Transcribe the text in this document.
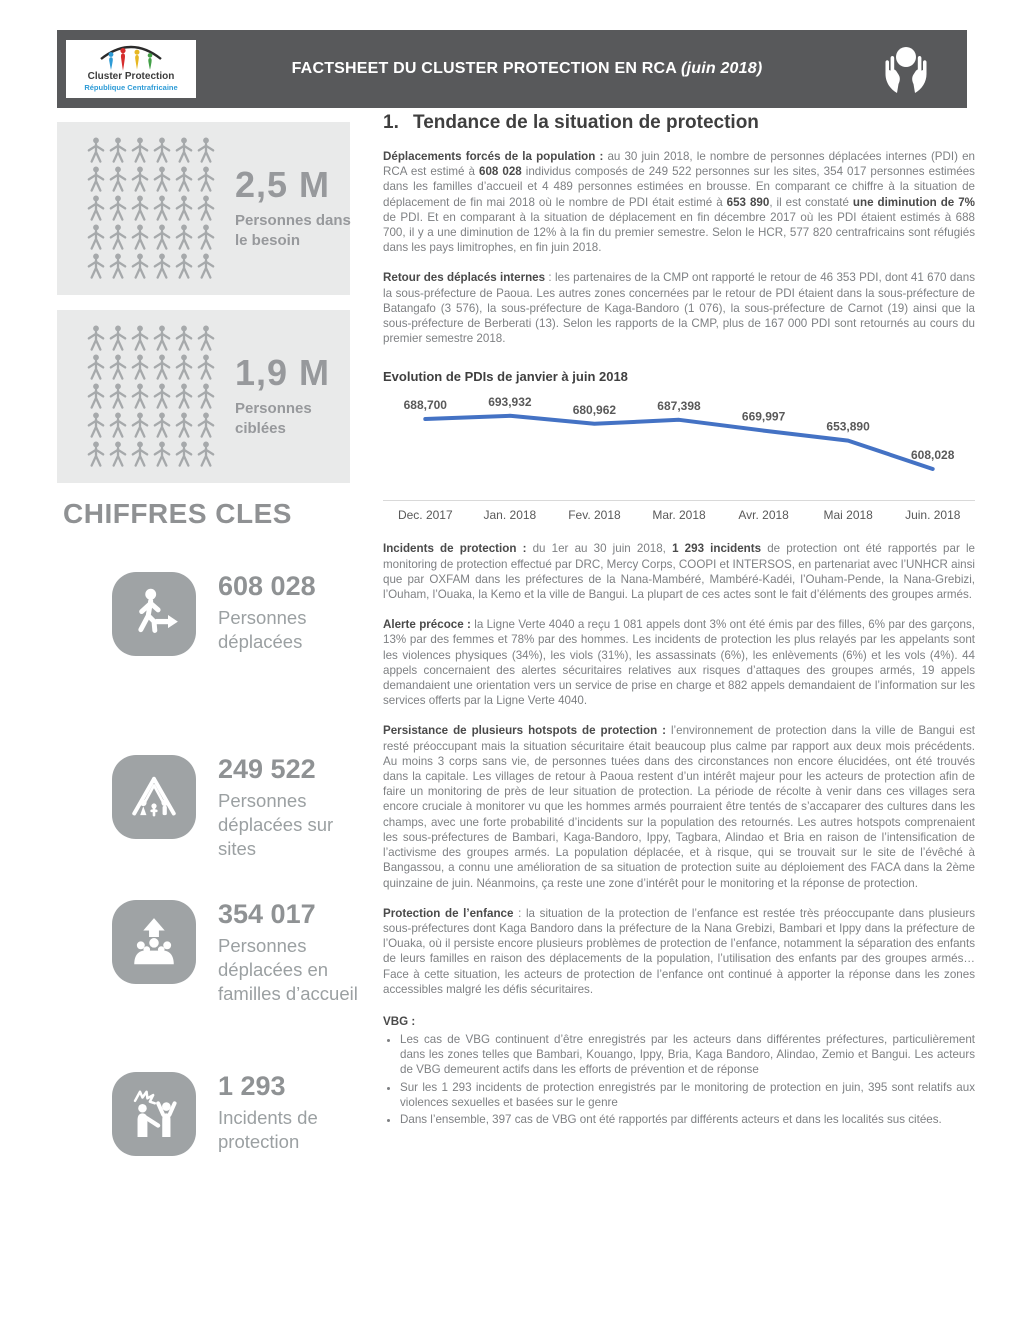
Cluster Protection
République Centrafricaine
FACTSHEET DU CLUSTER PROTECTION EN RCA (juin 2018)
2,5 M
Personnes dans le besoin
1,9 M
Personnes ciblées
CHIFFRES CLES
608 028
Personnes déplacées
249 522
Personnes déplacées sur sites
354 017
Personnes déplacées en familles d’accueil
1 293
Incidents de protection
1. Tendance de la situation de protection

Déplacements forcés de la population : au 30 juin 2018, le nombre de personnes déplacées internes (PDI) en RCA est estimé à 608 028 individus composés de 249 522 personnes sur les sites, 354 017 personnes estimées dans les familles d’accueil et 4 489 personnes estimées en brousse. En comparant ce chiffre à la situation de déplacement de fin mai 2018 où le nombre de PDI était estimé à 653 890, il est constaté une diminution de 7% de PDI. Et en comparant à la situation de déplacement en fin décembre 2017 où les PDI étaient estimés à 688 700, il y a une diminution de 12% à la fin du premier semestre. Selon le HCR, 577 820 centrafricains sont réfugiés dans les pays limitrophes, en fin juin 2018.

Retour des déplacés internes : les partenaires de la CMP ont rapporté le retour de 46 353 PDI, dont 41 670 dans la sous-préfecture de Paoua. Les autres zones concernées par le retour de PDI étaient dans la sous-préfecture de Batangafo (3 576), la sous-préfecture de Kaga-Bandoro (1 076), la sous-préfecture de Carnot (19) ainsi que la sous-préfecture de Berberati (13). Selon les rapports de la CMP, plus de 167 000 PDI sont retournés au cours du premier semestre 2018.

Evolution de PDIs de janvier à juin 2018
688,700	693,932
680,962	687,398
669,997
653,890
608,028
Dec. 2017	Jan. 2018	Fev. 2018	Mar. 2018	Avr. 2018	Mai 2018	Juin. 2018

Incidents de protection : du 1er au 30 juin 2018, 1 293 incidents de protection ont été rapportés par le monitoring de protection effectué par DRC, Mercy Corps, COOPI et INTERSOS, en partenariat avec l’UNHCR ainsi que par OXFAM dans les préfectures de la Nana-Mambéré, Mambéré-Kadéi, l’Ouham-Pende, la Nana-Grebizi, l’Ouham, l’Ouaka, la Kemo et la ville de Bangui. La plupart de ces actes sont le fait d’éléments des groupes armés.

Alerte précoce : la Ligne Verte 4040 a reçu 1 081 appels dont 3% ont été émis par des filles, 6% par des garçons, 13% par des femmes et 78% par des hommes. Les incidents de protection les plus relayés par les appelants sont les violences physiques (34%), les viols (31%), les assassinats (6%), les enlèvements (6%) et les vols (4%). 44 appels concernaient des alertes sécuritaires relatives aux risques d’attaques des groupes armés, 19 appels demandaient une orientation vers un service de prise en charge et 882 appels demandaient de l’information sur les services offerts par la Ligne Verte 4040.

Persistance de plusieurs hotspots de protection : l’environnement de protection dans la ville de Bangui est resté préoccupant mais la situation sécuritaire était beaucoup plus calme par rapport aux deux mois précédents. Au moins 3 corps sans vie, de personnes tuées dans des circonstances non encore élucidées, ont été trouvés dans la capitale. Les villages de retour à Paoua restent d’un intérêt majeur pour les acteurs de protection afin de faire un monitoring de près de leur situation de protection. La période de récolte à venir dans ces villages sera encore cruciale à monitorer vu que les hommes armés pourraient être tentés de s’accaparer des cultures dans les champs, avec une forte probabilité d’incidents sur la population des retournés. Les autres hotspots comprenaient les sous-préfectures de Bambari, Kaga-Bandoro, Ippy, Tagbara, Alindao et Bria en raison de l’intensification de l’activisme des groupes armés. La population déplacée, et à risque, qui se trouvait sur le site de l’évêché à Bangassou, a connu une amélioration de sa situation de protection suite au déploiement des FACA dans la 2ème quinzaine de juin. Néanmoins, ça reste une zone d’intérêt pour le monitoring et la réponse de protection.

Protection de l’enfance : la situation de la protection de l’enfance est restée très préoccupante dans plusieurs sous-préfectures dont Kaga Bandoro dans la préfecture de la Nana Grebizi, Bambari et Ippy dans la préfecture de l’Ouaka, où il persiste encore plusieurs problèmes de protection de l’enfance, notamment la séparation des enfants de leurs familles en raison des déplacements de la population, l’utilisation des enfants par des groupes armés… Face à cette situation, les acteurs de protection de l’enfance ont continué à apporter la réponse dans les zones accessibles malgré les défis sécuritaires.

VBG :
• Les cas de VBG continuent d’être enregistrés par les acteurs dans différentes préfectures, particulièrement dans les zones telles que Bambari, Kouango, Ippy, Bria, Kaga Bandoro, Alindao, Zemio et Bangui. Les acteurs de VBG demeurent actifs dans les efforts de prévention et de réponse
• Sur les 1 293 incidents de protection enregistrés par le monitoring de protection en juin, 395 sont relatifs aux violences sexuelles et basées sur le genre
• Dans l’ensemble, 397 cas de VBG ont été rapportés par différents acteurs et dans les localités sus citées.
